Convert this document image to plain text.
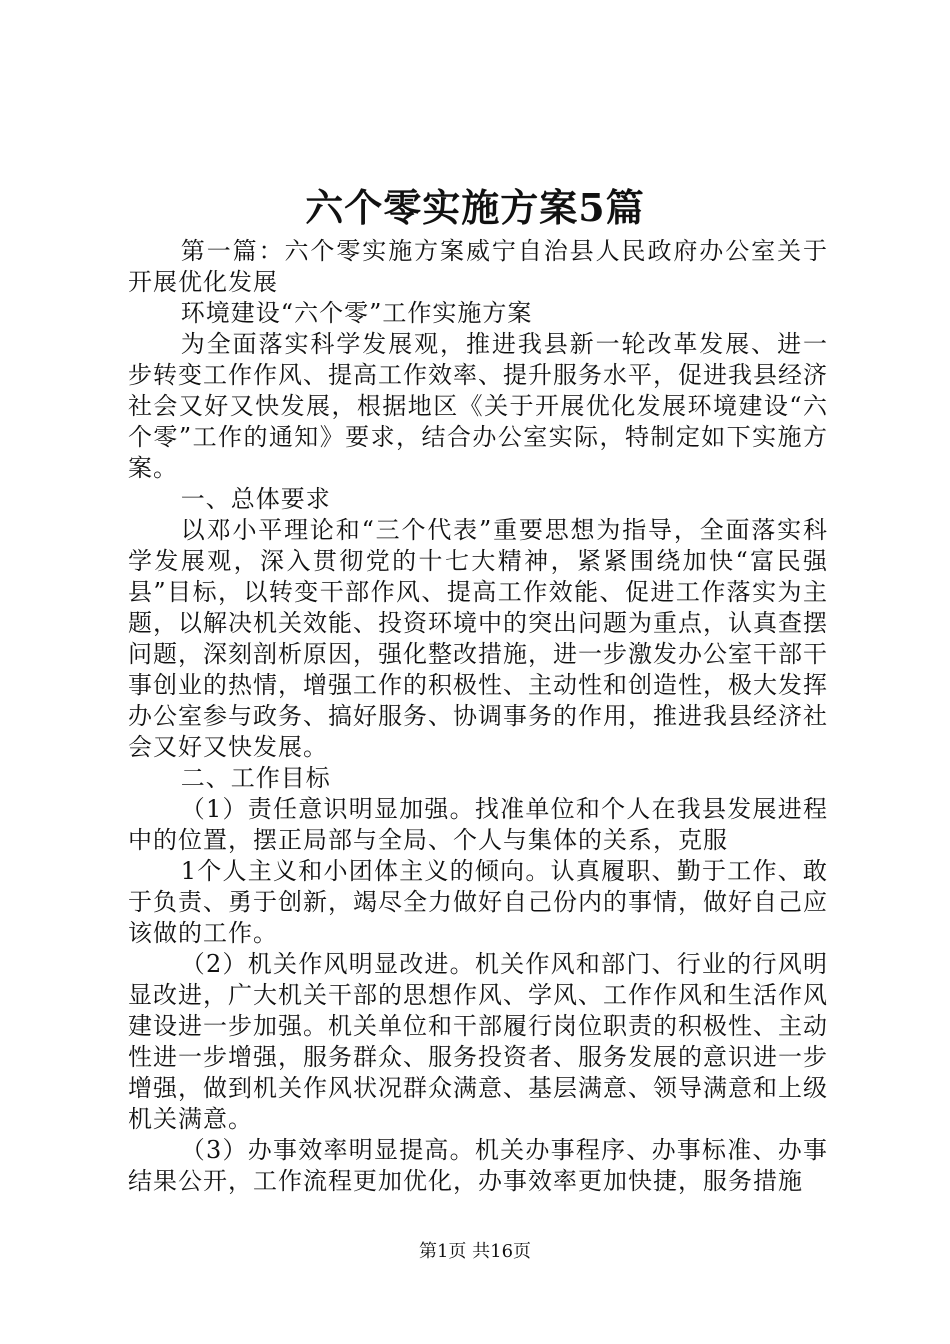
六个零实施方案5篇

第一篇：六个零实施方案威宁自治县人民政府办公室关于开展优化发展

环境建设“六个零”工作实施方案

为全面落实科学发展观，推进我县新一轮改革发展、进一步转变工作作风、提高工作效率、提升服务水平，促进我县经济社会又好又快发展，根据地区《关于开展优化发展环境建设“六个零”工作的通知》要求，结合办公室实际，特制定如下实施方案。

一、总体要求

以邓小平理论和“三个代表”重要思想为指导，全面落实科学发展观，深入贯彻党的十七大精神，紧紧围绕加快“富民强县”目标，以转变干部作风、提高工作效能、促进工作落实为主题，以解决机关效能、投资环境中的突出问题为重点，认真查摆问题，深刻剖析原因，强化整改措施，进一步激发办公室干部干事创业的热情，增强工作的积极性、主动性和创造性，极大发挥办公室参与政务、搞好服务、协调事务的作用，推进我县经济社会又好又快发展。

二、工作目标

（1）责任意识明显加强。找准单位和个人在我县发展进程中的位置，摆正局部与全局、个人与集体的关系，克服

1个人主义和小团体主义的倾向。认真履职、勤于工作、敢于负责、勇于创新，竭尽全力做好自己份内的事情，做好自己应该做的工作。

（2）机关作风明显改进。机关作风和部门、行业的行风明显改进，广大机关干部的思想作风、学风、工作作风和生活作风建设进一步加强。机关单位和干部履行岗位职责的积极性、主动性进一步增强，服务群众、服务投资者、服务发展的意识进一步增强，做到机关作风状况群众满意、基层满意、领导满意和上级机关满意。

（3）办事效率明显提高。机关办事程序、办事标准、办事结果公开，工作流程更加优化，办事效率更加快捷，服务措施

第1页 共16页
